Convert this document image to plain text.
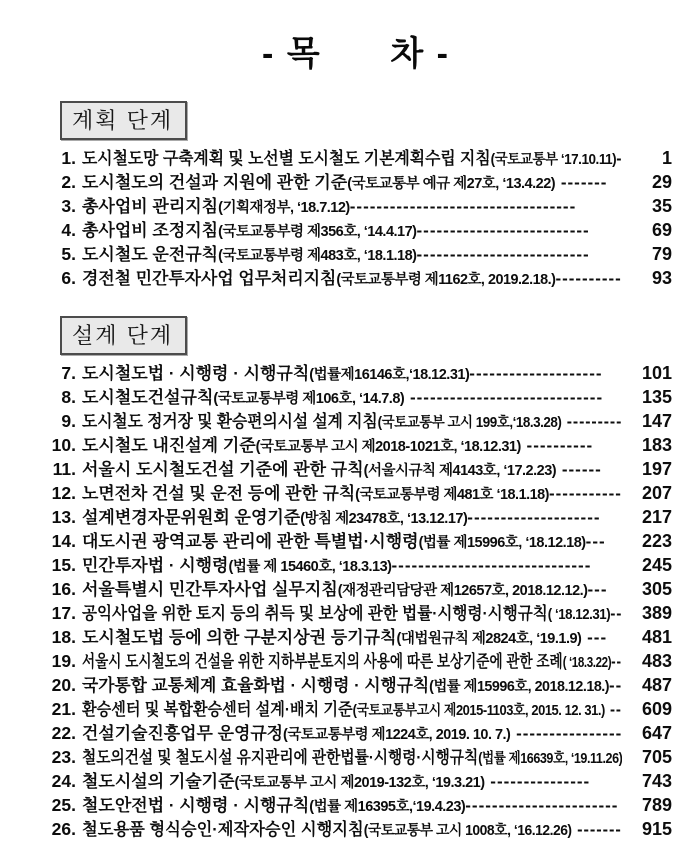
- 목      차 -
계획 단계
1. 도시철도망 구축계획 및 노선별 도시철도 기본계획수립 지침(국토교통부 ‘17.10.11)-	1
2. 도시철도의 건설과 지원에 관한 기준(국토교통부 예규 제27호, ‘13.4.22) -------	29
3. 총사업비 관리지침(기획재정부, ‘18.7.12)----------------------------------	35
4. 총사업비 조정지침(국토교통부령 제356호, ‘14.4.17)--------------------------	69
5. 도시철도 운전규칙(국토교통부령 제483호, ‘18.1.18)--------------------------	79
6. 경전철 민간투자사업 업무처리지침(국토교통부령 제1162호, 2019.2.18.)----------	93
설계 단계
7. 도시철도법 · 시행령 · 시행규칙(법률제16146호,‘18.12.31)--------------------	101
8. 도시철도건설규칙(국토교통부령 제106호, ‘14.7.8) -----------------------------	135
9. 도시철도 정거장 및 환승편의시설 설계 지침(국토교통부 고시 199호,‘18.3.28) ---------	147
10. 도시철도 내진설계 기준(국토교통부 고시 제2018-1021호, ‘18.12.31) ----------	183
11. 서울시 도시철도건설 기준에 관한 규칙(서울시규칙 제4143호, ‘17.2.23) ------	197
12. 노면전차 건설 및 운전 등에 관한 규칙(국토교통부령 제481호 ‘18.1.18)-----------	207
13. 설계변경자문위원회 운영기준(방침 제23478호, ‘13.12.17)--------------------	217
14. 대도시권 광역교통 관리에 관한 특별법·시행령(법률 제15996호, ‘18.12.18)---	223
15. 민간투자법 · 시행령(법률 제 15460호, ‘18.3.13)------------------------------	245
16. 서울특별시 민간투자사업 실무지침(재정관리담당관 제12657호, 2018.12.12.)---	305
17. 공익사업을 위한 토지 등의 취득 및 보상에 관한 법률·시행령·시행규칙( ‘18.12.31)--	389
18. 도시철도법 등에 의한 구분지상권 등기규칙(대법원규칙 제2824호, ‘19.1.9) ---	481
19. 서울시 도시철도의 건설을 위한 지하부분토지의 사용에 따른 보상기준에 관한 조례( ‘18.3.22)--	483
20. 국가통합 교통체계 효율화법 · 시행령 · 시행규칙(법률 제15996호, 2018.12.18.)--	487
21. 환승센터 및 복합환승센터 설계·배치 기준(국토교통부고시 제2015-1103호, 2015. 12. 31.) --	609
22. 건설기술진흥업무 운영규정(국토교통부령 제1224호, 2019. 10. 7.) ----------------	647
23. 철도의건설 및 철도시설 유지관리에 관한법률·시행령·시행규칙(법률 제16639호, ‘19.11.26)	705
24. 철도시설의 기술기준(국토교통부 고시 제2019-132호, ‘19.3.21) ---------------	743
25. 철도안전법 · 시행령 · 시행규칙(법률 제16395호,‘19.4.23)-----------------------	789
26. 철도용품 형식승인·제작자승인 시행지침(국토교통부 고시 1008호, ‘16.12.26) -------	915
